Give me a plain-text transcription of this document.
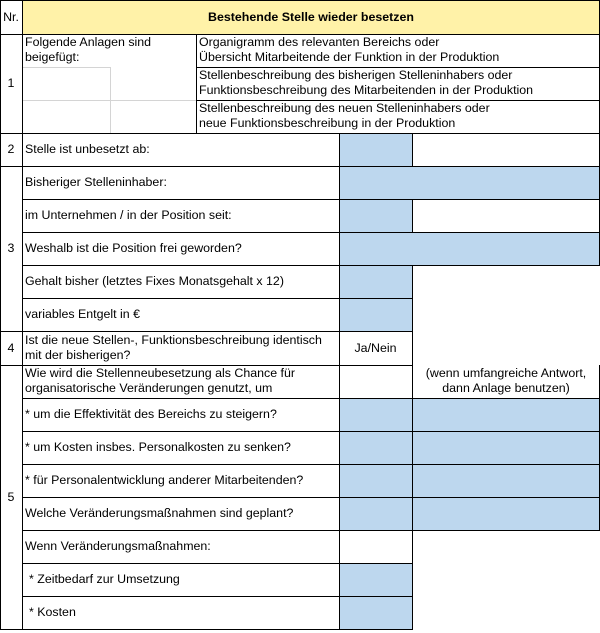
Nr.	Bestehende Stelle wieder besetzen
1
Folgende Anlagen sind
beigefügt:
Organigramm des relevanten Bereichs oder
Übersicht Mitarbeitende der Funktion in der Produktion
Stellenbeschreibung des bisherigen Stelleninhabers oder
Funktionsbeschreibung des Mitarbeitenden in der Produktion
Stellenbeschreibung des neuen Stelleninhabers oder
neue Funktionsbeschreibung in der Produktion
2 Stelle ist unbesetzt ab:
3
Bisheriger Stelleninhaber:
im Unternehmen / in der Position seit:
Weshalb ist die Position frei geworden?
Gehalt bisher (letztes Fixes Monatsgehalt x 12)
variables Entgelt in €
4
Ist die neue Stellen-, Funktionsbeschreibung identisch
mit der bisherigen?
Ja/Nein
5
Wie wird die Stellenneubesetzung als Chance für
organisatorische Veränderungen genutzt, um
(wenn umfangreiche Antwort,
dann Anlage benutzen)
* um die Effektivität des Bereichs zu steigern?
* um Kosten insbes. Personalkosten zu senken?
* für Personalentwicklung anderer Mitarbeitenden?
Welche Veränderungsmaßnahmen sind geplant?
Wenn Veränderungsmaßnahmen:
* Zeitbedarf zur Umsetzung
* Kosten
